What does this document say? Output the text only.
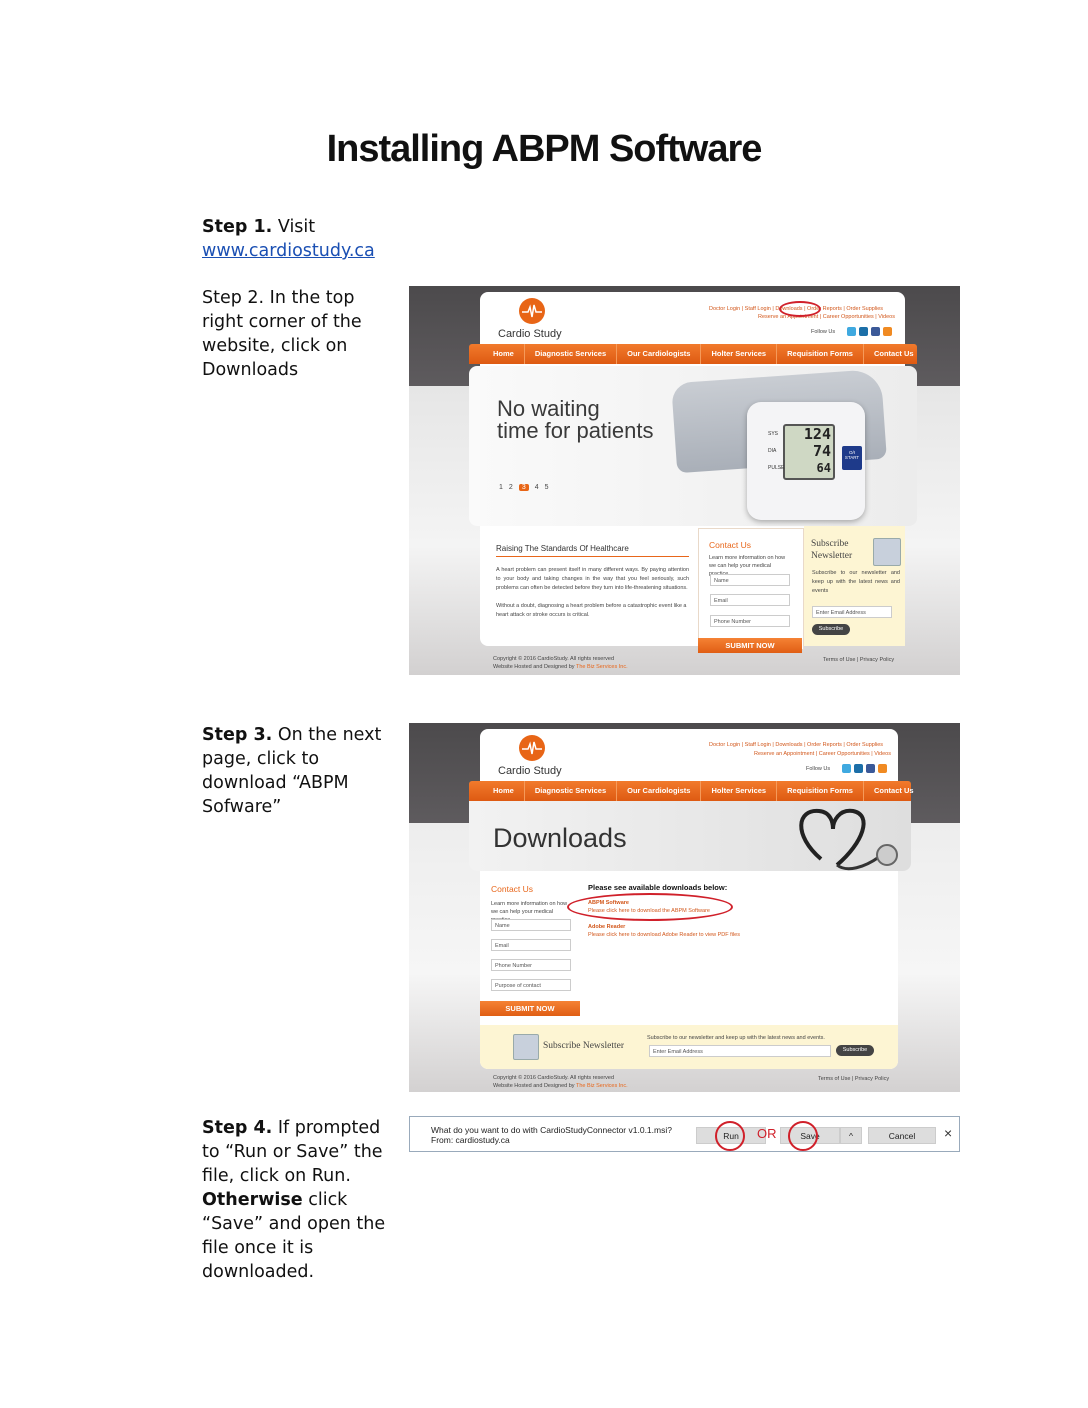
Installing ABPM Software
Step 1. Visit
www.cardiostudy.ca
Step 2. In the top right corner of the website, click on Downloads
Step 3. On the next page, click to download “ABPM Sofware”
Step 4. If prompted to “Run or Save” the file, click on Run. Otherwise click “Save” and open the file once it is downloaded.
Cardio Study
Doctor Login | Staff Login | Downloads | Order Reports | Order Supplies
Reserve an Appointment | Career Opportunities | Videos
Follow Us
Home	Diagnostic Services	Our Cardiologists	Holter Services	Requisition Forms	Contact Us
No waiting
time for patients
1 2	3	4 5
124
74
64
SYS
DIA
PULSE
O/I START
Raising The Standards Of Healthcare
A heart problem can present itself in many different ways. By paying attention to your body and taking changes in the way that you feel seriously, such problems can often be detected before they turn into life-threatening situations.
Without a doubt, diagnosing a heart problem before a catastrophic event like a heart attack or stroke occurs is critical.
Contact Us
Learn more information on how we can help your medical
Name
Email
Phone Number
SUBMIT NOW
Subscribe Newsletter
Subscribe to our newsletter and keep up with the latest news and events
Enter Email Address
Subscribe
Copyright © 2016 CardioStudy. All rights reserved
Website Hosted and Designed by The Biz Services Inc.
Terms of Use | Privacy Policy
Cardio Study
Doctor Login | Staff Login | Downloads | Order Reports | Order Supplies
Reserve an Appointment | Career Opportunities | Videos
Follow Us
Home	Diagnostic Services	Our Cardiologists	Holter Services	Requisition Forms	Contact Us
Downloads
Contact Us
Learn more information on how we can help your medical
Name
Email
Phone Number
Purpose of contact
SUBMIT NOW
Please see available downloads below:
ABPM Software
Please click here to download the ABPM Software
Adobe Reader
Please click here to download Adobe Reader to view PDF files
Subscribe Newsletter
Subscribe to our newsletter and keep up with the latest news and events.
Enter Email Address	Subscribe
Copyright © 2016 CardioStudy. All rights reserved
Website Hosted and Designed by The Biz Services Inc.
Terms of Use | Privacy Policy
What do you want to do with CardioStudyConnector v1.0.1.msi?
From: cardiostudy.ca	Run	OR	Save	^	Cancel	×
